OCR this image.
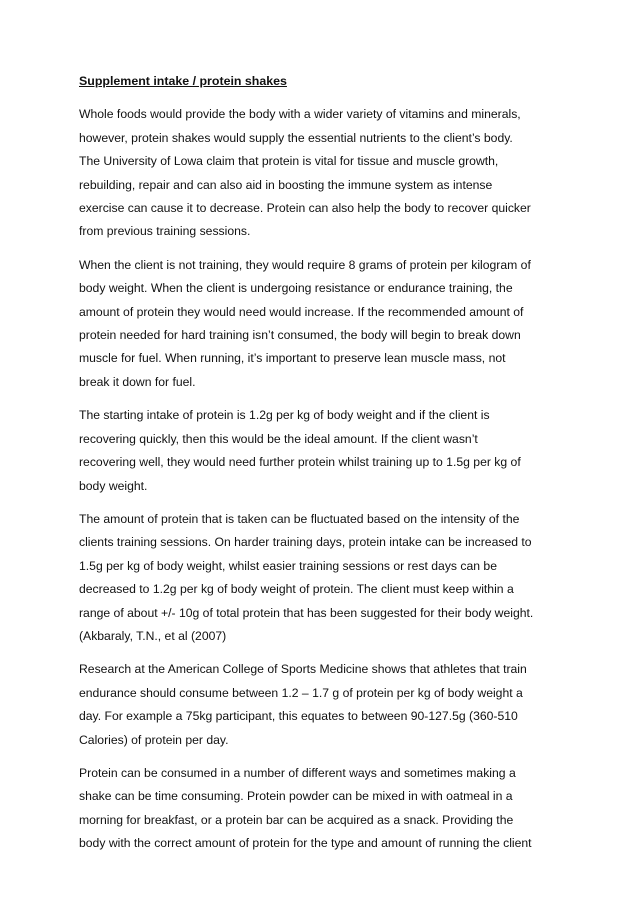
Supplement intake / protein shakes
Whole foods would provide the body with a wider variety of vitamins and minerals,
however, protein shakes would supply the essential nutrients to the client’s body.
The University of Lowa claim that protein is vital for tissue and muscle growth,
rebuilding, repair and can also aid in boosting the immune system as intense
exercise can cause it to decrease. Protein can also help the body to recover quicker
from previous training sessions.
When the client is not training, they would require 8 grams of protein per kilogram of
body weight. When the client is undergoing resistance or endurance training, the
amount of protein they would need would increase. If the recommended amount of
protein needed for hard training isn’t consumed, the body will begin to break down
muscle for fuel. When running, it’s important to preserve lean muscle mass, not
break it down for fuel.
The starting intake of protein is 1.2g per kg of body weight and if the client is
recovering quickly, then this would be the ideal amount. If the client wasn’t
recovering well, they would need further protein whilst training up to 1.5g per kg of
body weight.
The amount of protein that is taken can be fluctuated based on the intensity of the
clients training sessions. On harder training days, protein intake can be increased to
1.5g per kg of body weight, whilst easier training sessions or rest days can be
decreased to 1.2g per kg of body weight of protein. The client must keep within a
range of about +/- 10g of total protein that has been suggested for their body weight.
(Akbaraly, T.N., et al (2007)
Research at the American College of Sports Medicine shows that athletes that train
endurance should consume between 1.2 – 1.7 g of protein per kg of body weight a
day. For example a 75kg participant, this equates to between 90-127.5g (360-510
Calories) of protein per day.
Protein can be consumed in a number of different ways and sometimes making a
shake can be time consuming. Protein powder can be mixed in with oatmeal in a
morning for breakfast, or a protein bar can be acquired as a snack. Providing the
body with the correct amount of protein for the type and amount of running the client
